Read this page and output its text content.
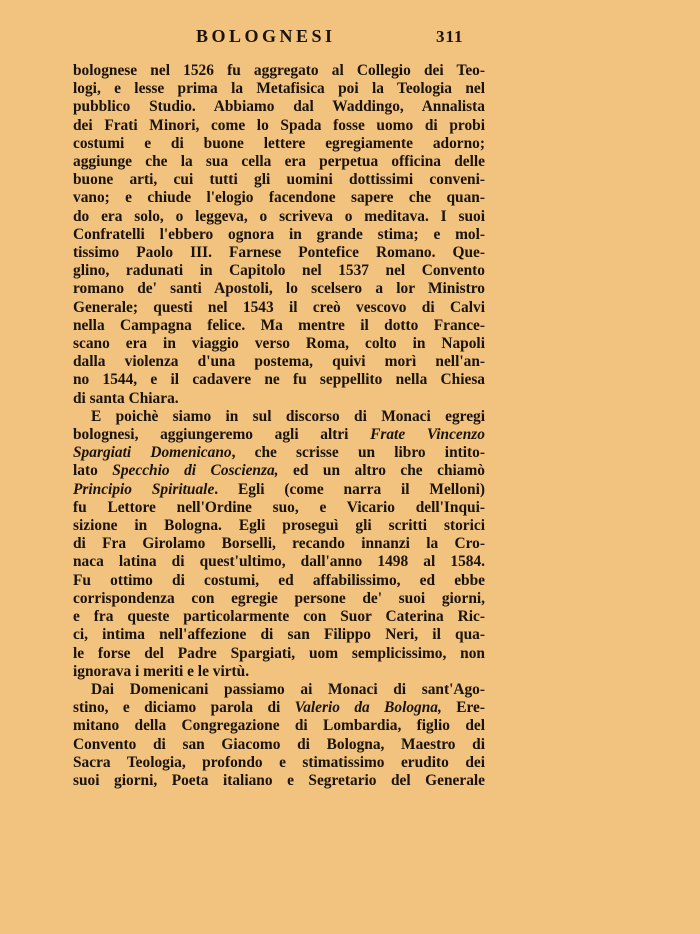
BOLOGNESI	311
bolognese nel 1526 fu aggregato al Collegio dei Teo-
logi, e lesse prima la Metafisica poi la Teologia nel
pubblico Studio. Abbiamo dal Waddingo, Annalista
dei Frati Minori, come lo Spada fosse uomo di probi
costumi e di buone lettere egregiamente adorno;
aggiunge che la sua cella era perpetua officina delle
buone arti, cui tutti gli uomini dottissimi conveni-
vano; e chiude l'elogio facendone sapere che quan-
do era solo, o leggeva, o scriveva o meditava. I suoi
Confratelli l'ebbero ognora in grande stima; e mol-
tissimo Paolo III. Farnese Pontefice Romano. Que-
glino, radunati in Capitolo nel 1537 nel Convento
romano de' santi Apostoli, lo scelsero a lor Ministro
Generale; questi nel 1543 il creò vescovo di Calvi
nella Campagna felice. Ma mentre il dotto France-
scano era in viaggio verso Roma, colto in Napoli
dalla violenza d'una postema, quivi morì nell'an-
no 1544, e il cadavere ne fu seppellito nella Chiesa
di santa Chiara.
E poichè siamo in sul discorso di Monaci egregi
bolognesi, aggiungeremo agli altri Frate Vincenzo
Spargiati Domenicano, che scrisse un libro intito-
lato Specchio di Coscienza, ed un altro che chiamò
Principio Spirituale. Egli (come narra il Melloni)
fu Lettore nell'Ordine suo, e Vicario dell'Inqui-
sizione in Bologna. Egli proseguì gli scritti storici
di Fra Girolamo Borselli, recando innanzi la Cro-
naca latina di quest'ultimo, dall'anno 1498 al 1584.
Fu ottimo di costumi, ed affabilissimo, ed ebbe
corrispondenza con egregie persone de' suoi giorni,
e fra queste particolarmente con Suor Caterina Ric-
ci, intima nell'affezione di san Filippo Neri, il qua-
le forse del Padre Spargiati, uom semplicissimo, non
ignorava i meriti e le virtù.
Dai Domenicani passiamo ai Monaci di sant'Ago-
stino, e diciamo parola di Valerio da Bologna, Ere-
mitano della Congregazione di Lombardia, figlio del
Convento di san Giacomo di Bologna, Maestro di
Sacra Teologia, profondo e stimatissimo erudito dei
suoi giorni, Poeta italiano e Segretario del Generale
